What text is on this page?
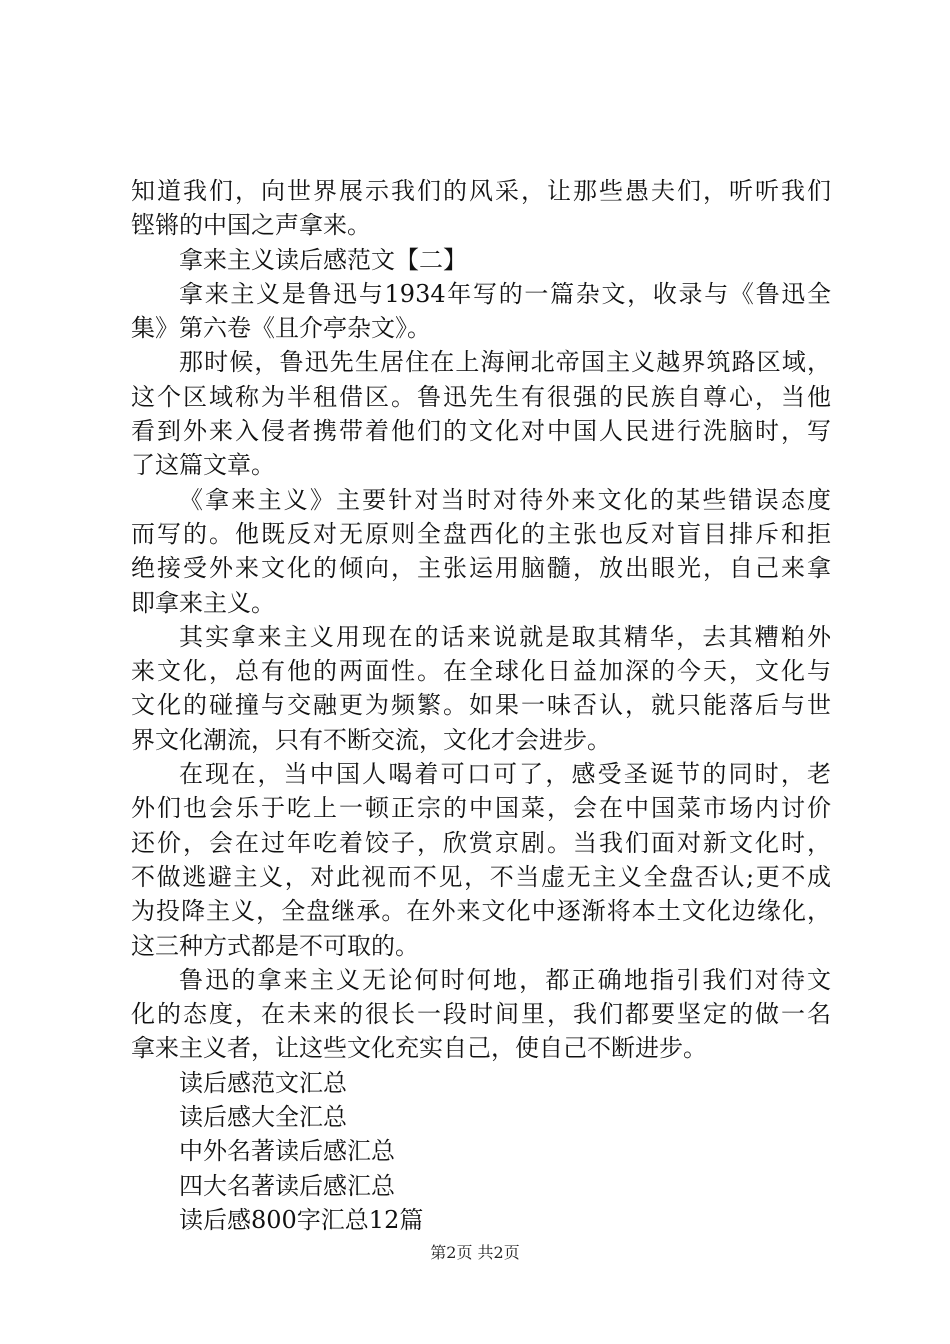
知道我们，向世界展示我们的风采，让那些愚夫们，听听我们
铿锵的中国之声拿来。
拿来主义读后感范文【二】
拿来主义是鲁迅与1934年写的一篇杂文，收录与《鲁迅全
集》第六卷《且介亭杂文》。
那时候，鲁迅先生居住在上海闸北帝国主义越界筑路区域，
这个区域称为半租借区。鲁迅先生有很强的民族自尊心，当他
看到外来入侵者携带着他们的文化对中国人民进行洗脑时，写
了这篇文章。
《拿来主义》主要针对当时对待外来文化的某些错误态度
而写的。他既反对无原则全盘西化的主张也反对盲目排斥和拒
绝接受外来文化的倾向，主张运用脑髓，放出眼光，自己来拿
即拿来主义。
其实拿来主义用现在的话来说就是取其精华，去其糟粕外
来文化，总有他的两面性。在全球化日益加深的今天，文化与
文化的碰撞与交融更为频繁。如果一味否认，就只能落后与世
界文化潮流，只有不断交流，文化才会进步。
在现在，当中国人喝着可口可了，感受圣诞节的同时，老
外们也会乐于吃上一顿正宗的中国菜，会在中国菜市场内讨价
还价，会在过年吃着饺子，欣赏京剧。当我们面对新文化时，
不做逃避主义，对此视而不见，不当虚无主义全盘否认;更不成
为投降主义，全盘继承。在外来文化中逐渐将本土文化边缘化，
这三种方式都是不可取的。
鲁迅的拿来主义无论何时何地，都正确地指引我们对待文
化的态度，在未来的很长一段时间里，我们都要坚定的做一名
拿来主义者，让这些文化充实自己，使自己不断进步。
读后感范文汇总
读后感大全汇总
中外名著读后感汇总
四大名著读后感汇总
读后感800字汇总12篇
第2页 共2页
